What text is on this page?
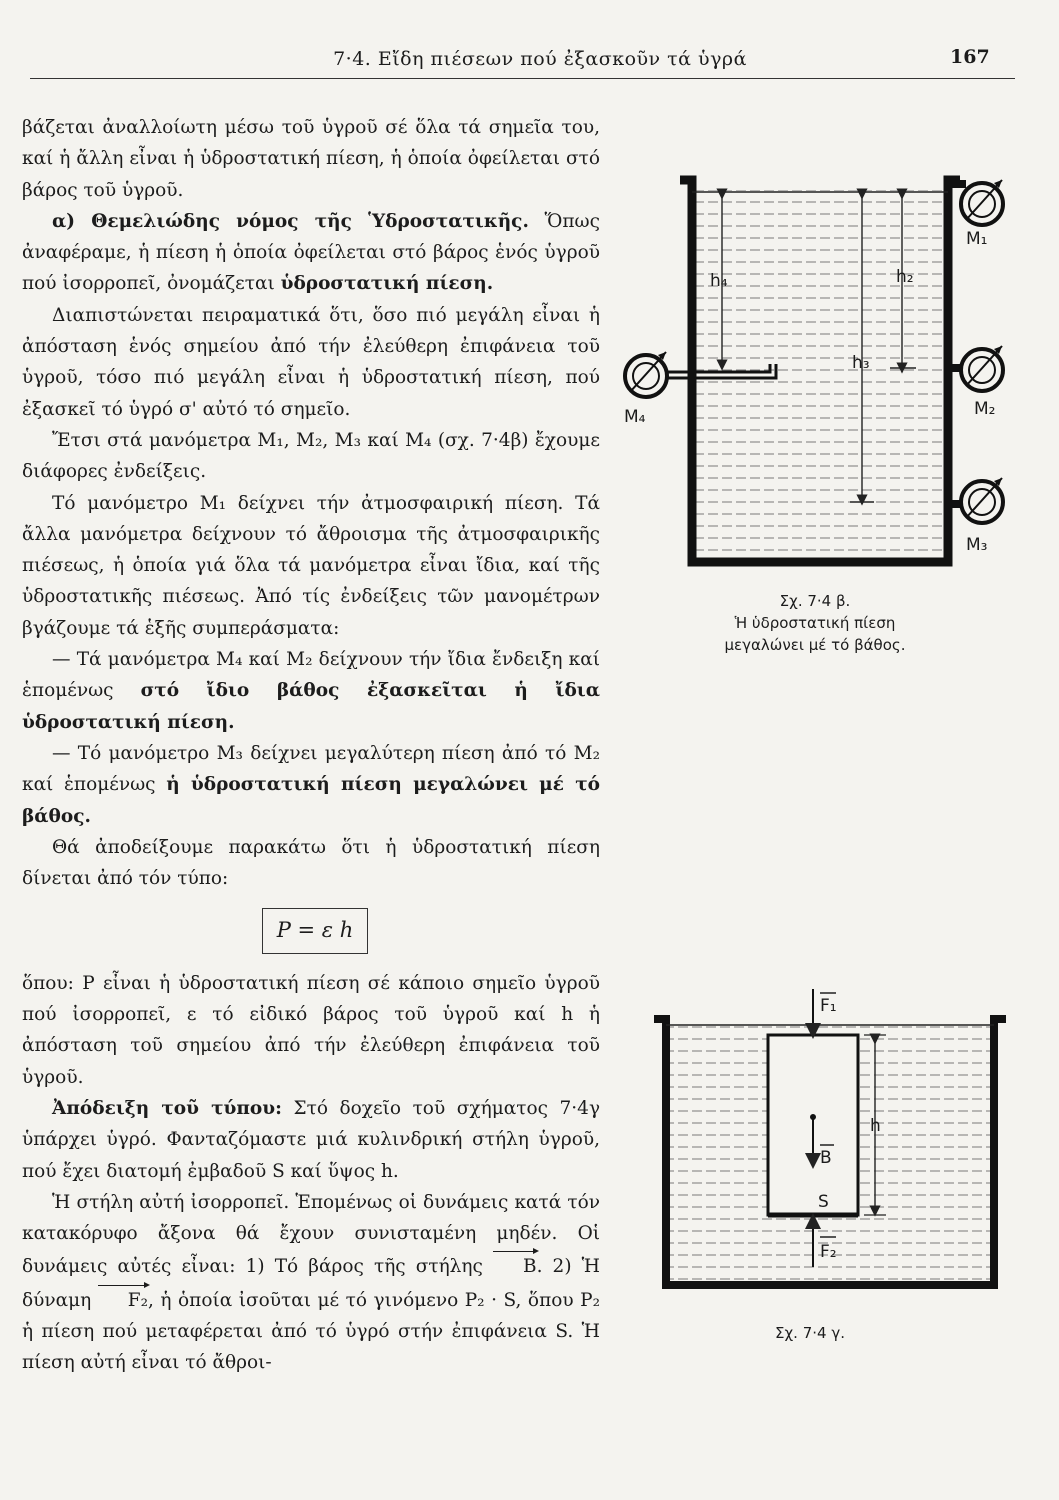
7·4. Εἴδη πιέσεων πού ἐξασκοῦν τά ὑγρά	167

βάζεται ἀναλλοίωτη μέσω τοῦ ὑγροῦ σέ ὅλα τά σημεῖα του, καί ἡ ἄλλη εἶναι ἡ ὑδροστατική πίεση, ἡ ὁποία ὀφείλεται στό βάρος τοῦ ὑγροῦ.

α) Θεμελιώδης νόμος τῆς Ὑδροστατικῆς. Ὅπως ἀναφέραμε, ἡ πίεση ἡ ὁποία ὀφείλεται στό βάρος ἑνός ὑγροῦ πού ἰσορροπεῖ, ὀνομάζεται ὑδροστατική πίεση.

Διαπιστώνεται πειραματικά ὅτι, ὅσο πιό μεγάλη εἶναι ἡ ἀπόσταση ἑνός σημείου ἀπό τήν ἐλεύθερη ἐπιφάνεια τοῦ ὑγροῦ, τόσο πιό μεγάλη εἶναι ἡ ὑδροστατική πίεση, πού ἐξασκεῖ τό ὑγρό σ' αὐτό τό σημεῖο.

Ἔτσι στά μανόμετρα M₁, M₂, M₃ καί M₄ (σχ. 7·4β) ἔχουμε διάφορες ἐνδείξεις.

Τό μανόμετρο M₁ δείχνει τήν ἀτμοσφαιρική πίεση. Τά ἄλλα μανόμετρα δείχνουν τό ἄθροισμα τῆς ἀτμοσφαιρικῆς πιέσεως, ἡ ὁποία γιά ὅλα τά μανόμετρα εἶναι ἴδια, καί τῆς ὑδροστατικῆς πιέσεως. Ἀπό τίς ἐνδείξεις τῶν μανομέτρων βγάζουμε τά ἑξῆς συμπεράσματα:

— Τά μανόμετρα M₄ καί M₂ δείχνουν τήν ἴδια ἔνδειξη καί ἑπομένως στό ἴδιο βάθος ἐξασκεῖται ἡ ἴδια ὑδροστατική πίεση.

— Τό μανόμετρο M₃ δείχνει μεγαλύτερη πίεση ἀπό τό M₂ καί ἑπομένως ἡ ὑδροστατική πίεση μεγαλώνει μέ τό βάθος.

Θά ἀποδείξουμε παρακάτω ὅτι ἡ ὑδροστατική πίεση δίνεται ἀπό τόν τύπο:

P = ε h

ὅπου: P εἶναι ἡ ὑδροστατική πίεση σέ κάποιο σημεῖο ὑγροῦ πού ἰσορροπεῖ, ε τό εἰδικό βάρος τοῦ ὑγροῦ καί h ἡ ἀπόσταση τοῦ σημείου ἀπό τήν ἐλεύθερη ἐπιφάνεια τοῦ ὑγροῦ.

Ἀπόδειξη τοῦ τύπου: Στό δοχεῖο τοῦ σχήματος 7·4γ ὑπάρχει ὑγρό. Φανταζόμαστε μιά κυλινδρική στήλη ὑγροῦ, πού ἔχει διατομή ἐμβαδοῦ S καί ὕψος h.

Ἡ στήλη αὐτή ἰσορροπεῖ. Ἑπομένως οἱ δυνάμεις κατά τόν κατακόρυφο ἄξονα θά ἔχουν συνισταμένη μηδέν. Οἱ δυνάμεις αὐτές εἶναι: 1) Τό βάρος τῆς στήλης B. 2) Ἡ δύναμη F₂, ἡ ὁποία ἰσοῦται μέ τό γινόμενο P₂ · S, ὅπου P₂ ἡ πίεση πού μεταφέρεται ἀπό τό ὑγρό στήν ἐπιφάνεια S. Ἡ πίεση αὐτή εἶναι τό ἄθροι-

h₄	h₂
h₃
M₁
M₂
M₃
M₄
Σχ. 7·4 β.
Ἡ ὑδροστατική πίεση μεγαλώνει μέ τό βάθος.
F₁
B
S
F₂
h
Σχ. 7·4 γ.
